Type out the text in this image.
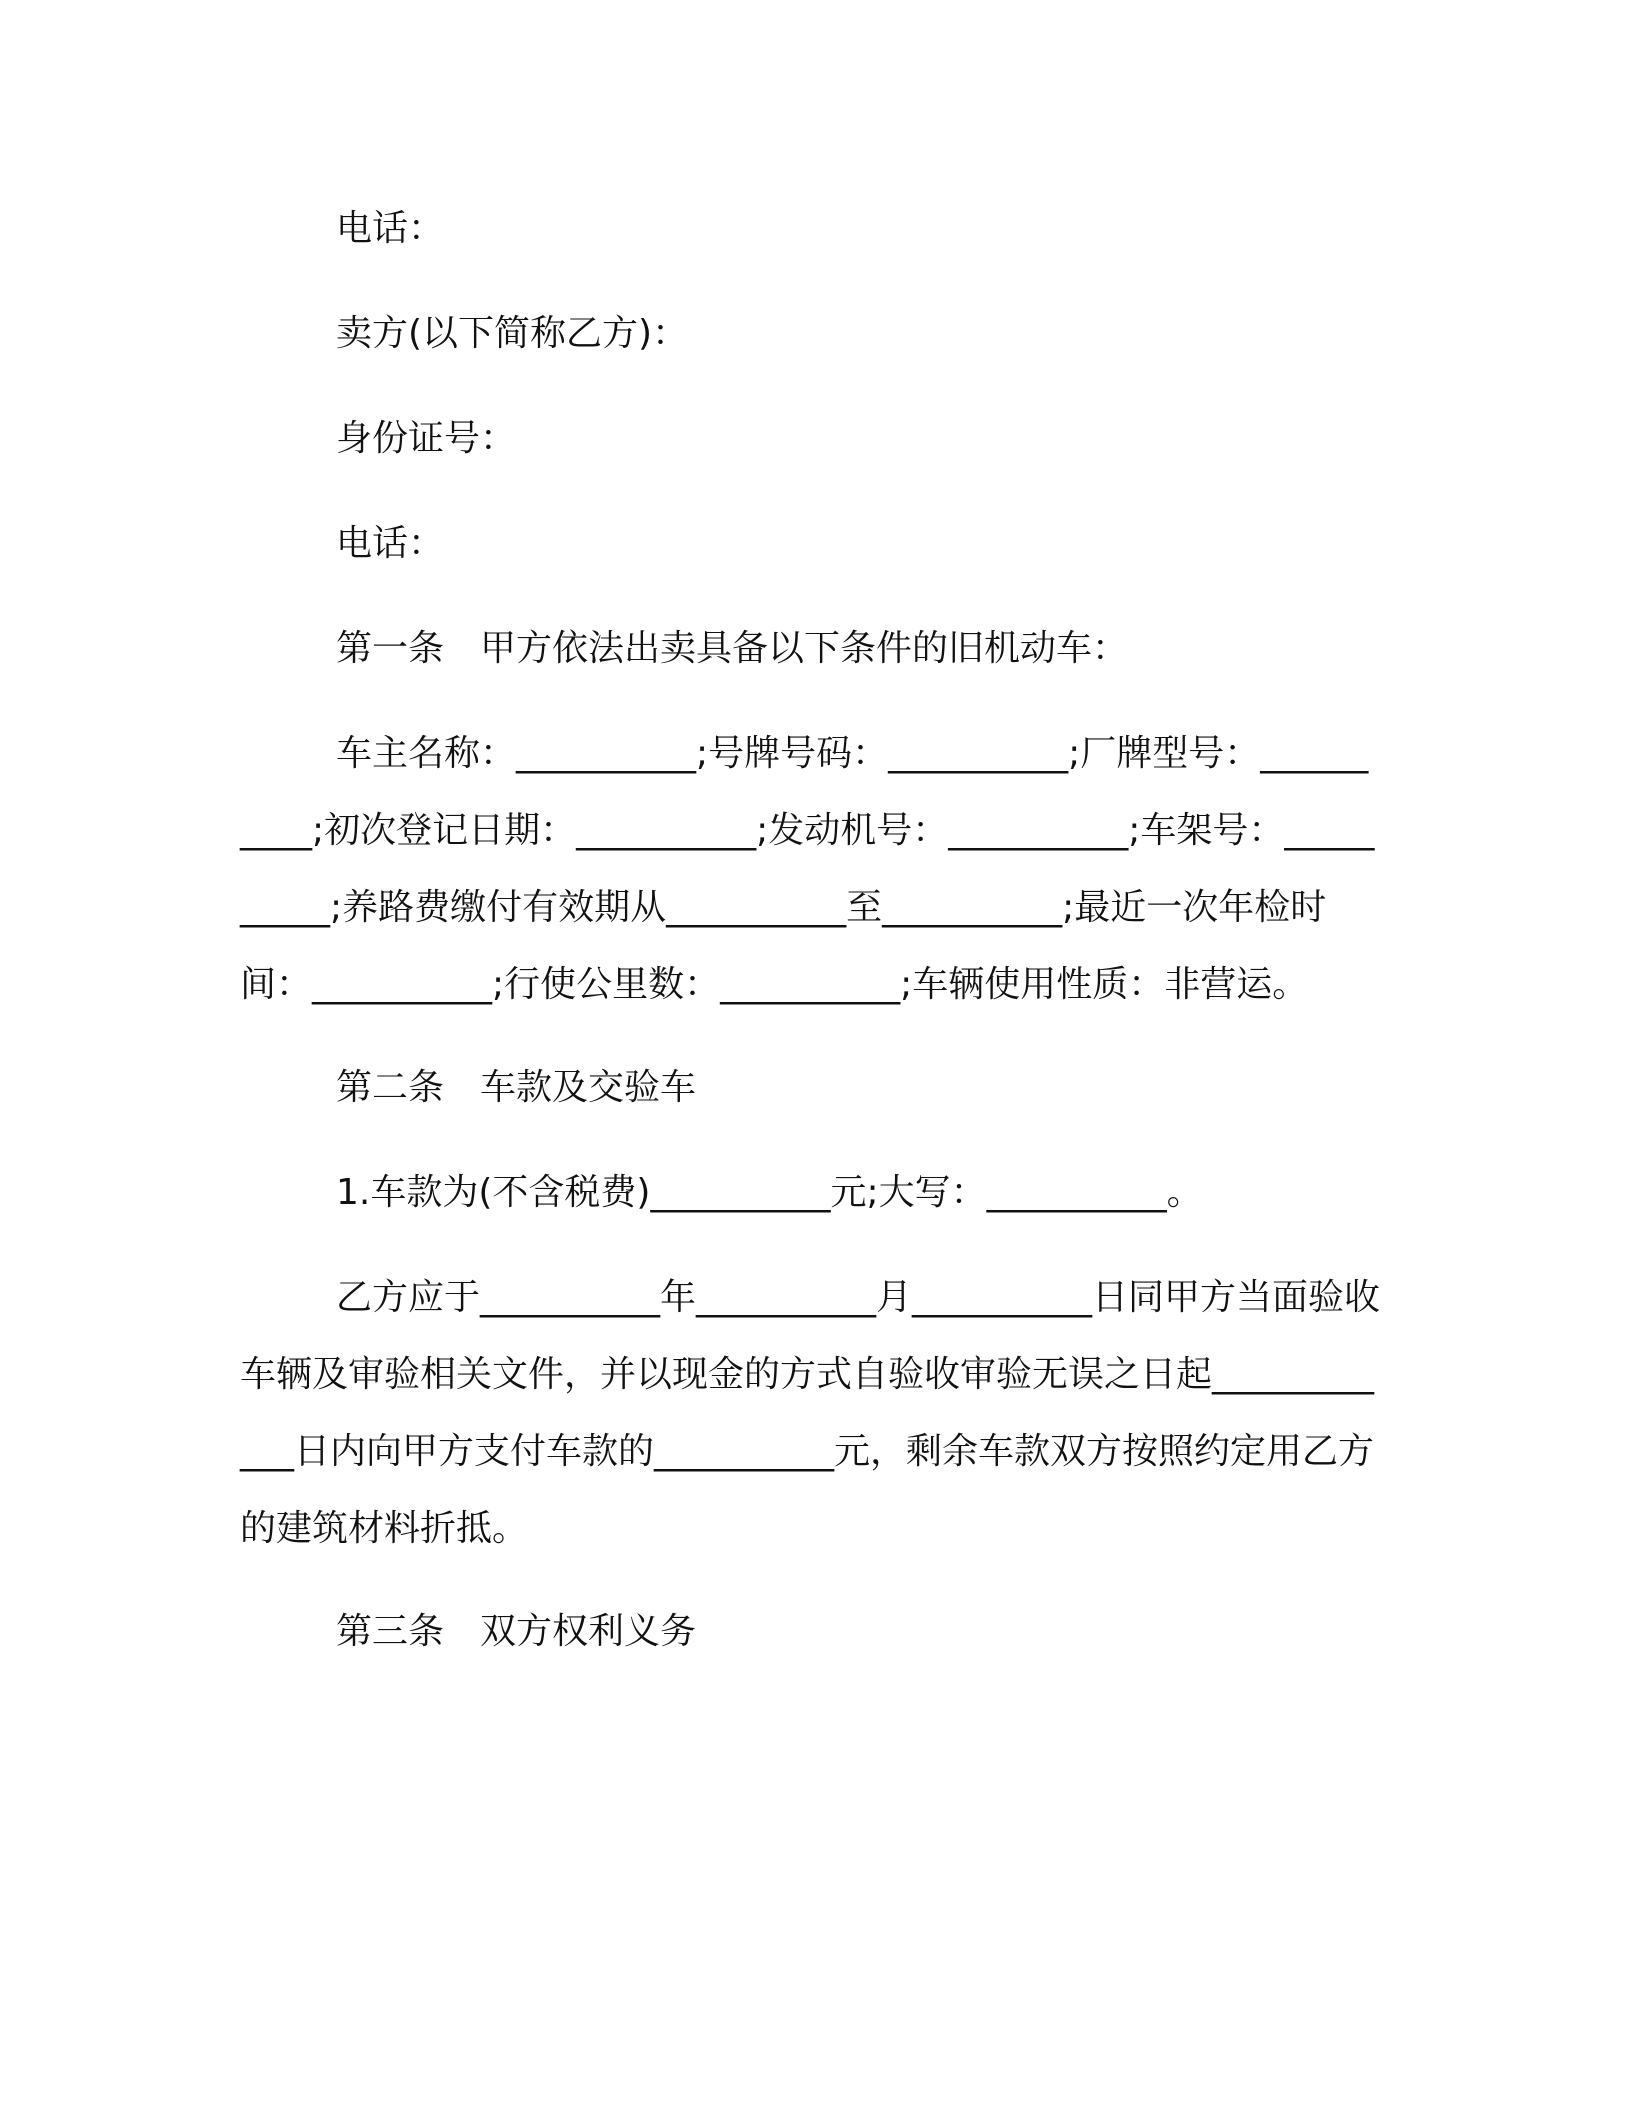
电话：

卖方(以下简称乙方)：

身份证号：

电话：

第一条　甲方依法出卖具备以下条件的旧机动车：

车主名称：__________;号牌号码：__________;厂牌型号：__________;初次登记日期：__________;发动机号：__________;车架号：__________;养路费缴付有效期从__________至__________;最近一次年检时间：__________;行使公里数：__________;车辆使用性质：非营运。

第二条　车款及交验车

1.车款为(不含税费)__________元;大写：__________。

乙方应于__________年__________月__________日同甲方当面验收车辆及审验相关文件，并以现金的方式自验收审验无误之日起____________日内向甲方支付车款的__________元，剩余车款双方按照约定用乙方的建筑材料折抵。

第三条　双方权利义务
